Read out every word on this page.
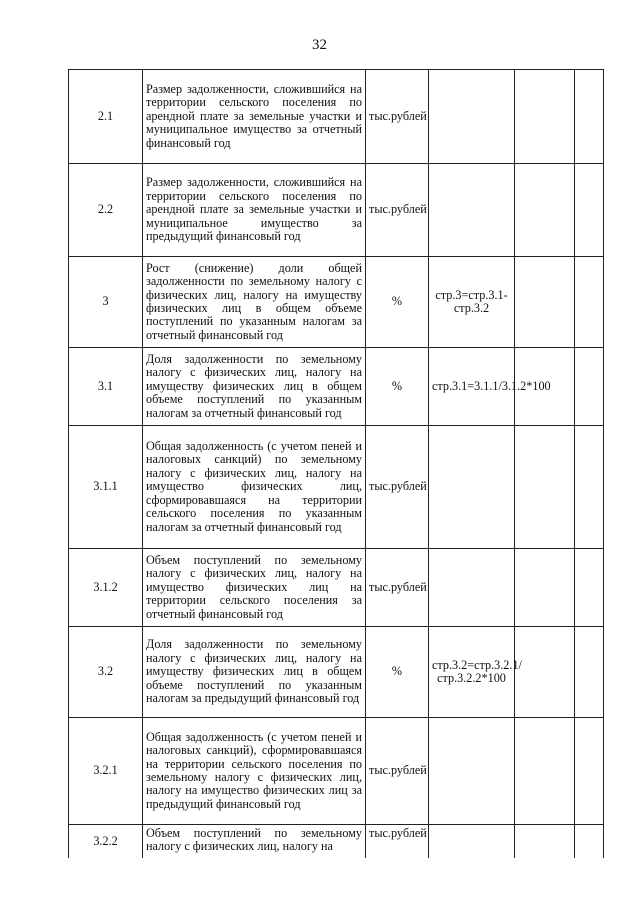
32
2.1	Размер задолженности, сложившийся на территории сельского поселения по арендной плате за земельные участки и муниципальное имущество за отчетный финансовый год	тыс.рублей			
2.2	Размер задолженности, сложившийся на территории сельского поселения по арендной плате за земельные участки и муниципальное имущество за предыдущий финансовый год	тыс.рублей			
3	Рост (снижение) доли общей задолженности по земельному налогу с физических лиц, налогу на имуществу физических лиц в общем объеме поступлений по указанным налогам за отчетный финансовый год	%	стр.3=стр.3.1-стр.3.2		
3.1	Доля задолженности по земельному налогу с физических лиц, налогу на имуществу физических лиц в общем объеме поступлений по указанным налогам за отчетный финансовый год	%	стр.3.1=3.1.1/3.1.2*100		
3.1.1	Общая задолженность (с учетом пеней и налоговых санкций) по земельному налогу с физических лиц, налогу на имущество физических лиц, сформировавшаяся на территории сельского поселения по указанным налогам за отчетный финансовый год	тыс.рублей			
3.1.2	Объем поступлений по земельному налогу с физических лиц, налогу на имущество физических лиц на территории сельского поселения за отчетный финансовый год	тыс.рублей			
3.2	Доля задолженности по земельному налогу с физических лиц, налогу на имуществу физических лиц в общем объеме поступлений по указанным налогам за предыдущий финансовый год	%	стр.3.2=стр.3.2.1/стр.3.2.2*100		
3.2.1	Общая задолженность (с учетом пеней и налоговых санкций), сформировавшаяся на территории сельского поселения по земельному налогу с физических лиц, налогу на имущество физических лиц за предыдущий финансовый год	тыс.рублей			
3.2.2	Объем поступлений по земельному налогу с физических лиц, налогу на	тыс.рублей			
